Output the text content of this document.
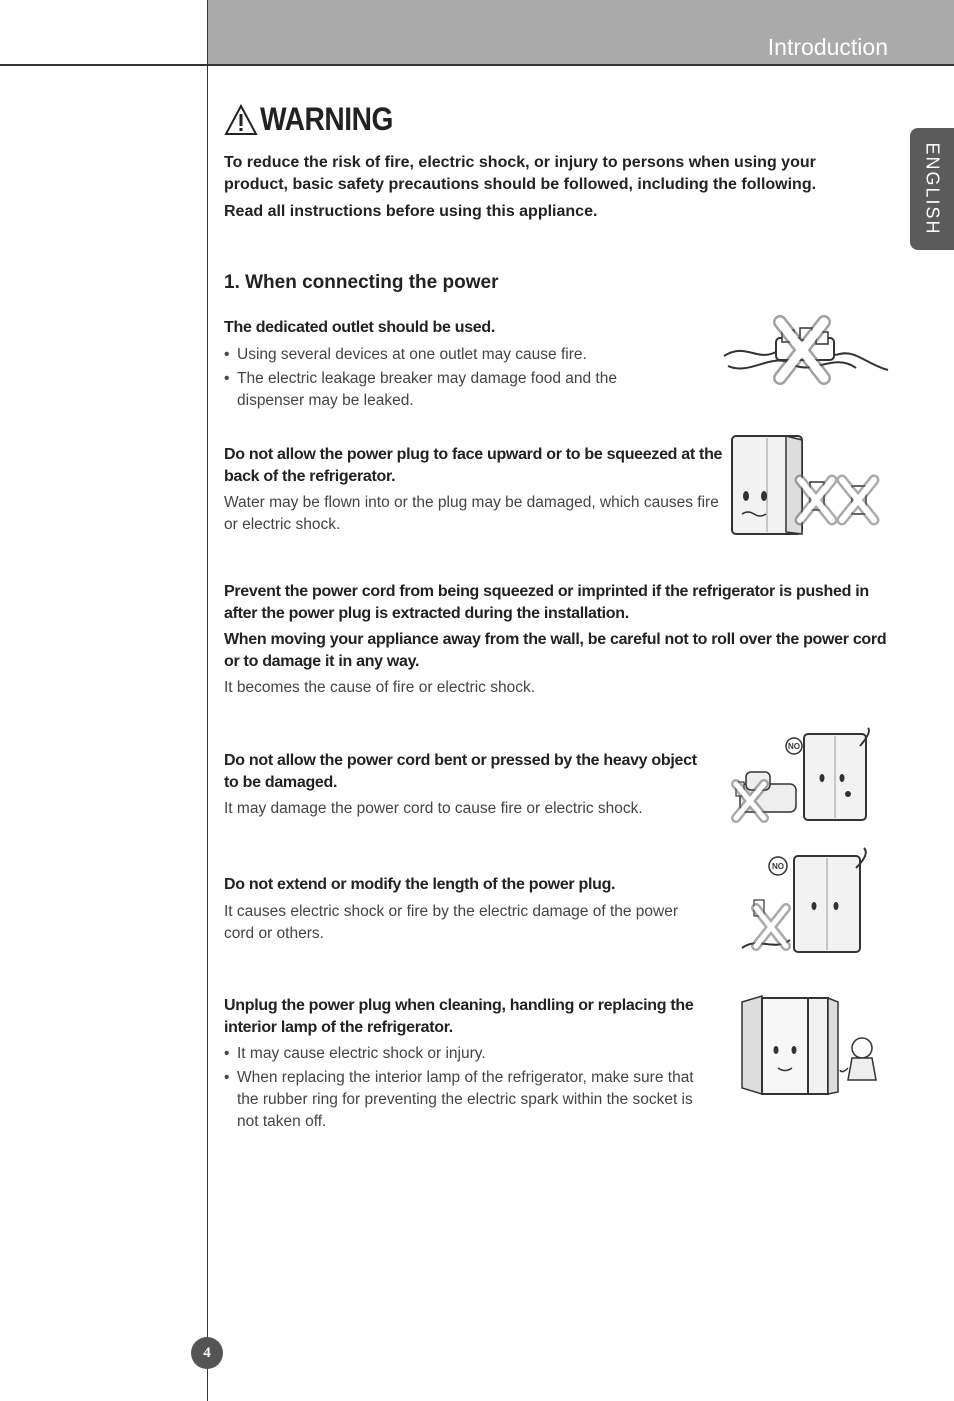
Introduction
ENGLISH
WARNING

To reduce the risk of fire, electric shock, or injury to persons when using your product, basic safety precautions should be followed, including the following.

Read all instructions before using this appliance.

1. When connecting the power

The dedicated outlet should be used.

• Using several devices at one outlet may cause fire.
• The electric leakage breaker may damage food and the dispenser may be leaked.

Do not allow the power plug to face upward or to be squeezed at the back of the refrigerator.

Water may be flown into or the plug may be damaged, which causes fire or electric shock.

Prevent the power cord from being squeezed or imprinted if the refrigerator is pushed in after the power plug is extracted during the installation.

When moving your appliance away from the wall, be careful not to roll over the power cord or to damage it in any way.

It becomes the cause of fire or electric shock.

Do not allow the power cord bent or pressed by the heavy object to be damaged.

It may damage the power cord to cause fire or electric shock.

NO

Do not extend or modify the length of the power plug.

It causes electric shock or fire by the electric damage of the power cord or others.

NO

Unplug the power plug when cleaning, handling or replacing the interior lamp of the refrigerator.

• It may cause electric shock or injury.
• When replacing the interior lamp of the refrigerator, make sure that the rubber ring for preventing the electric spark within the socket is not taken off.
4
